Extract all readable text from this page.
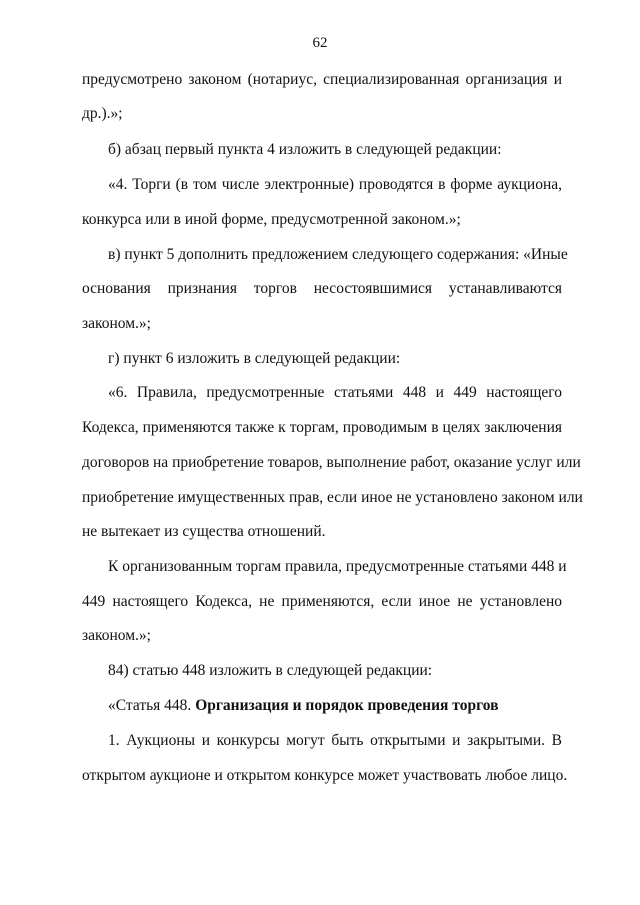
62
предусмотрено законом (нотариус, специализированная организация и
др.).»;
б) абзац первый пункта 4 изложить в следующей редакции:
«4. Торги (в том числе электронные) проводятся в форме аукциона,
конкурса или в иной форме, предусмотренной законом.»;
в) пункт 5 дополнить предложением следующего содержания: «Иные
основания признания торгов несостоявшимися устанавливаются
законом.»;
г) пункт 6 изложить в следующей редакции:
«6. Правила, предусмотренные статьями 448 и 449 настоящего
Кодекса, применяются также к торгам, проводимым в целях заключения
договоров на приобретение товаров, выполнение работ, оказание услуг или
приобретение имущественных прав, если иное не установлено законом или
не вытекает из существа отношений.
К организованным торгам правила, предусмотренные статьями 448 и
449 настоящего Кодекса, не применяются, если иное не установлено
законом.»;
84) статью 448 изложить в следующей редакции:
«Статья 448. Организация и порядок проведения торгов
1. Аукционы и конкурсы могут быть открытыми и закрытыми. В
открытом аукционе и открытом конкурсе может участвовать любое лицо.
